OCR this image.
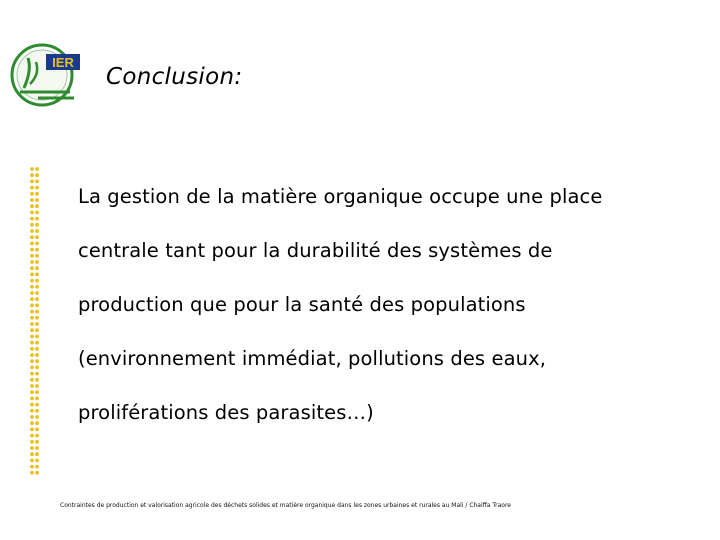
IER
Conclusion:
La gestion de la matière organique occupe une place
centrale tant pour la durabilité des systèmes de
production que pour la santé des populations
(environnement immédiat, pollutions des eaux,
proliférations des parasites…)
Contraintes de production et valorisation agricole des déchets solides et matière organique dans les zones urbaines et rurales au Mali / Chaiffa Traore
